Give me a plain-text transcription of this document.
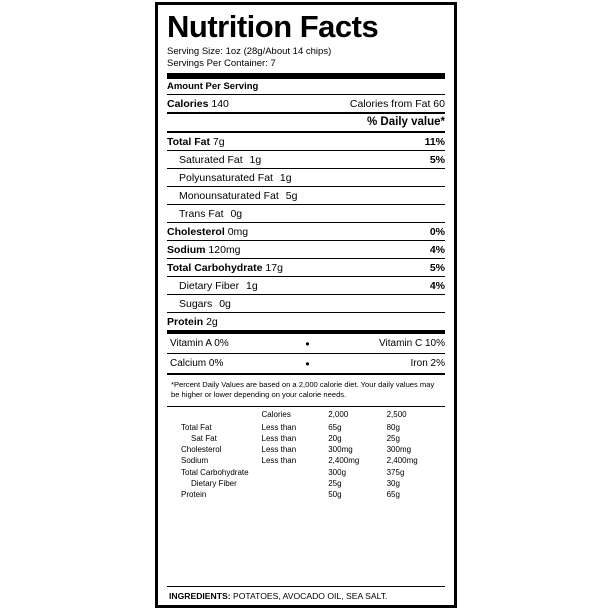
Nutrition Facts
Serving Size: 1oz (28g/About 14 chips)
Servings Per Container: 7
Amount Per Serving
Calories 140	Calories from Fat 60
% Daily value*
Total Fat 7g	11%
Saturated Fat 1g	5%
Polyunsaturated Fat 1g
Monounsaturated Fat 5g
Trans Fat 0g
Cholesterol 0mg	0%
Sodium 120mg	4%
Total Carbohydrate 17g	5%
Dietary Fiber 1g	4%
Sugars 0g
Protein 2g
Vitamin A 0%	•	Vitamin C 10%
Calcium 0%	•	Iron 2%
*Percent Daily Values are based on a 2,000 calorie diet. Your daily values may be higher or lower depending on your calorie needs.
	Calories	2,000	2,500
Total Fat	Less than	65g	80g
Sat Fat	Less than	20g	25g
Cholesterol	Less than	300mg	300mg
Sodium	Less than	2,400mg	2,400mg
Total Carbohydrate		300g	375g
Dietary Fiber		25g	30g
Protein		50g	65g
INGREDIENTS: POTATOES, AVOCADO OIL, SEA SALT.
